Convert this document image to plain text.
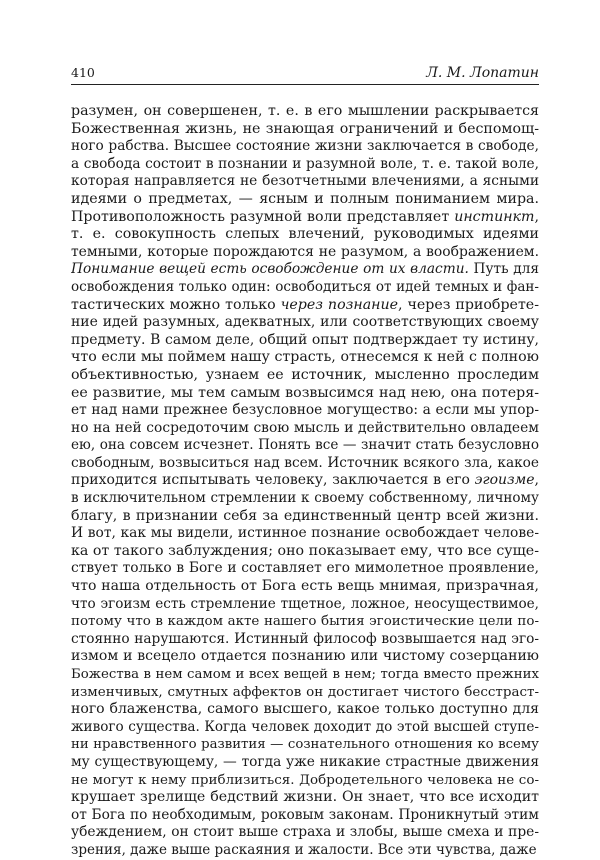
410	Л. М. Лопатин
разумен, он совершенен, т. е. в его мышлении раскрывается
Божественная жизнь, не знающая ограничений и беспомощ-
ного рабства. Высшее состояние жизни заключается в свободе,
а свобода состоит в познании и разумной воле, т. е. такой воле,
которая направляется не безотчетными влечениями, а ясными
идеями о предметах, — ясным и полным пониманием мира.
Противоположность разумной воли представляет инстинкт,
т. е. совокупность слепых влечений, руководимых идеями
темными, которые порождаются не разумом, а воображением.
Понимание вещей есть освобождение от их власти. Путь для
освобождения только один: освободиться от идей темных и фан-
тастических можно только через познание, через приобрете-
ние идей разумных, адекватных, или соответствующих своему
предмету. В самом деле, общий опыт подтверждает ту истину,
что если мы поймем нашу страсть, отнесемся к ней с полною
объективностью, узнаем ее источник, мысленно проследим
ее развитие, мы тем самым возвысимся над нею, она потеря-
ет над нами прежнее безусловное могущество: а если мы упор-
но на ней сосредоточим свою мысль и действительно овладеем
ею, она совсем исчезнет. Понять все — значит стать безусловно
свободным, возвыситься над всем. Источник всякого зла, какое
приходится испытывать человеку, заключается в его эгоизме,
в исключительном стремлении к своему собственному, личному
благу, в признании себя за единственный центр всей жизни.
И вот, как мы видели, истинное познание освобождает челове-
ка от такого заблуждения; оно показывает ему, что все суще-
ствует только в Боге и составляет его мимолетное проявление,
что наша отдельность от Бога есть вещь мнимая, призрачная,
что эгоизм есть стремление тщетное, ложное, неосуществимое,
потому что в каждом акте нашего бытия эгоистические цели по-
стоянно нарушаются. Истинный философ возвышается над эго-
измом и всецело отдается познанию или чистому созерцанию
Божества в нем самом и всех вещей в нем; тогда вместо прежних
изменчивых, смутных аффектов он достигает чистого бесстраст-
ного блаженства, самого высшего, какое только доступно для
живого существа. Когда человек доходит до этой высшей ступе-
ни нравственного развития — сознательного отношения ко всему
му существующему, — тогда уже никакие страстные движения
не могут к нему приблизиться. Добродетельного человека не со-
крушает зрелище бедствий жизни. Он знает, что все исходит
от Бога по необходимым, роковым законам. Проникнутый этим
убеждением, он стоит выше страха и злобы, выше смеха и пре-
зрения, даже выше раскаяния и жалости. Все эти чувства, даже
